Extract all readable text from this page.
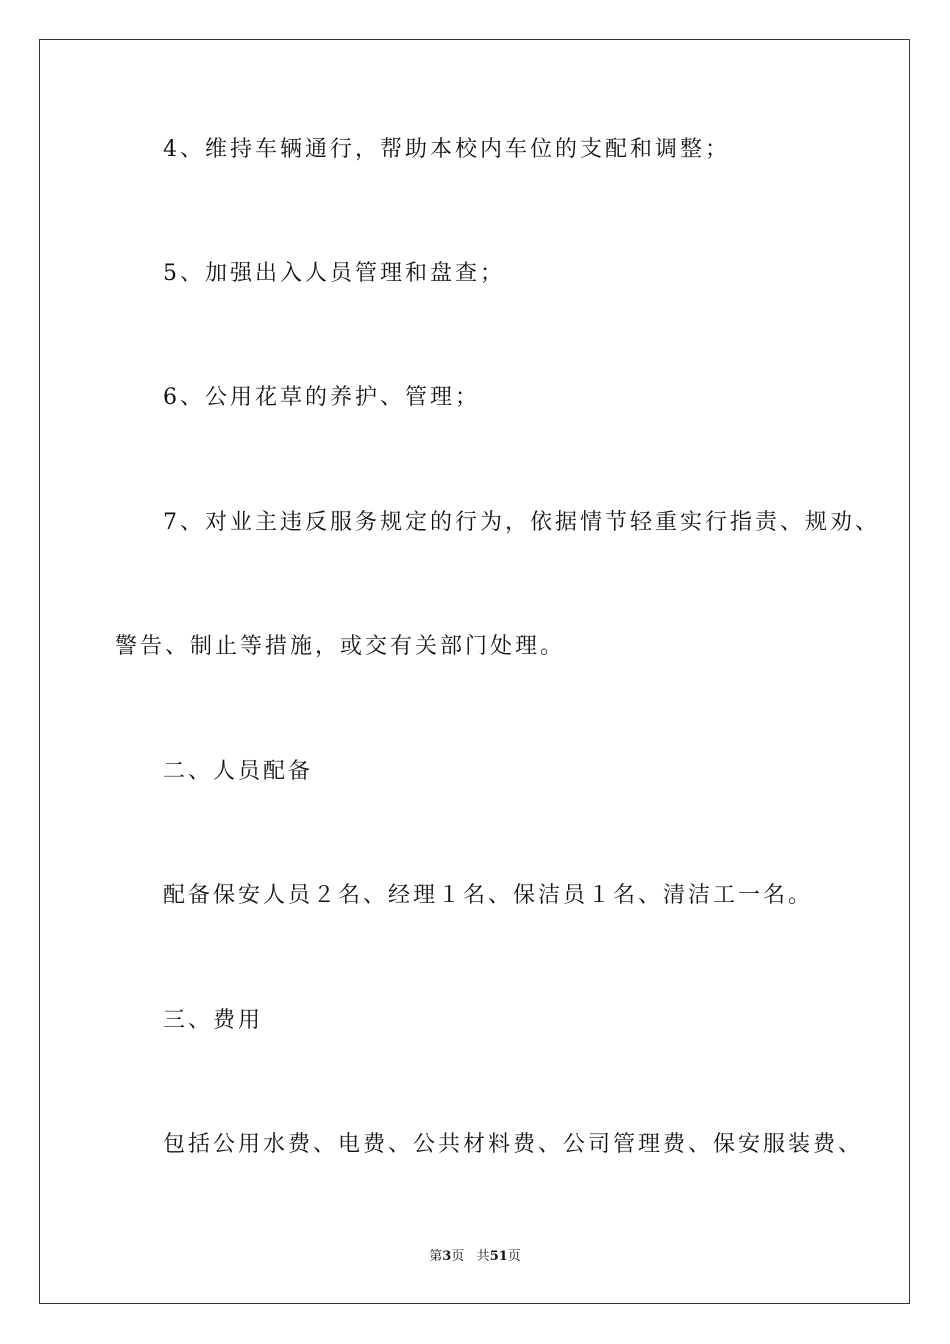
4、维持车辆通行，帮助本校内车位的支配和调整；
5、加强出入人员管理和盘查；
6、公用花草的养护、管理；
7、对业主违反服务规定的行为，依据情节轻重实行指责、规劝、
警告、制止等措施，或交有关部门处理。
二、人员配备
配备保安人员２名、经理１名、保洁员１名、清洁工一名。
三、费用
包括公用水费、电费、公共材料费、公司管理费、保安服装费、
第3页 共51页
